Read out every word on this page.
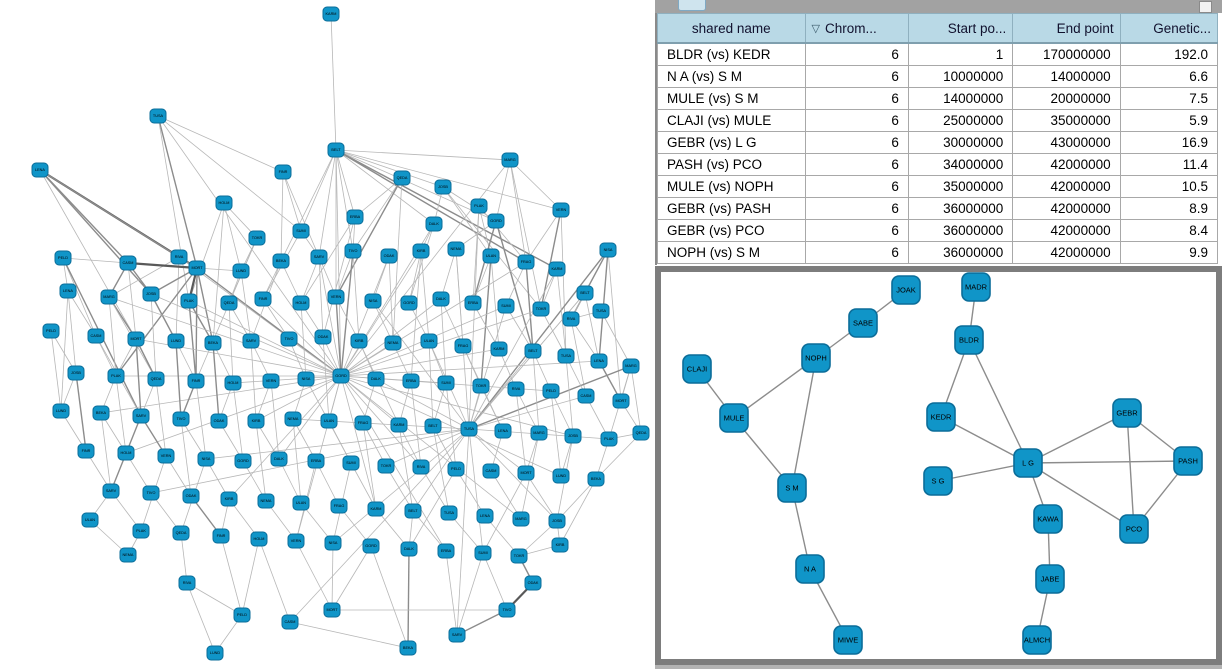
KARM
BELT
TUSA
LENA
MARG
JOSB
PLAK
QEDA
FINR
HOLM
VERN
NISA
GORD
DALK
ERBA
SUMI
TOKR
RIVA
PELD
CASM
MORT
LUND
BEKA
SARV
TIVO
ODAK
KIRB	NEMA
ULAN
FRAG
KARM
BELT
TUSA
LENA
MARG
JOSB
PLAK	QEDA
FINR
HOLM
VERN
NISA	GORD
DALK
ERBA
SUMI
TOKR
RIVA
PELD
CASM
MORT	LUND	BEKA	SARV	TIVO	ODAK
KIRB	NEMA	ULAN
FRAG
KARM	BELT
TUSA
LENA
MARG
JOSB
PLAK
QEDA	FINR	HOLM	VERN	NISA
GORD
DALK	ERBA	SUMI
TOKR
RIVA	PELD
CASM
MORT
LUND	BEKA
SARV
TIVO	ODAK	KIRB	NEMA	ULAN	FRAG	KARM	BELT
TUSA	LENA	MARG
JOSB
PLAK
QEDA
FINR	HOLM
VERN
NISA	GORD	DALK	ERBA	SUMI
TOKR	RIVA	PELD	CASM	MORT
LUND
BEKA
SARV	TIVO
ODAK
KIRB	NEMA	ULAN
FRAG
KARM	BELT	TUSA
LENA
MARG	JOSB
PLAK	QEDA
FINR
HOLM	VERN	NISA
GORD
DALK	ERBA	SUMI
TOKR
RIVA
PELD
CASM
MORT
LUND
BEKA
SARV
TIVO
ODAK
KIRB
NEMA
ULAN
shared name	▽ Chrom...	Start po...	End point	Genetic...
BLDR (vs) KEDR	6	1	170000000	192.0
N A (vs) S M	6	10000000	14000000	6.6
MULE (vs) S M	6	14000000	20000000	7.5
CLAJI (vs) MULE	6	25000000	35000000	5.9
GEBR (vs) L G	6	30000000	43000000	16.9
PASH (vs) PCO	6	34000000	42000000	11.4
MULE (vs) NOPH	6	35000000	42000000	10.5
GEBR (vs) PASH	6	36000000	42000000	8.9
GEBR (vs) PCO	6	36000000	42000000	8.4
NOPH (vs) S M	6	36000000	42000000	9.9
JOAK
SABE
NOPH
CLAJI
MULE
S M
N A
MIWE
MADR
BLDR
KEDR
S G
L G
GEBR
PASH
PCO
KAWA
JABE
ALMCH
